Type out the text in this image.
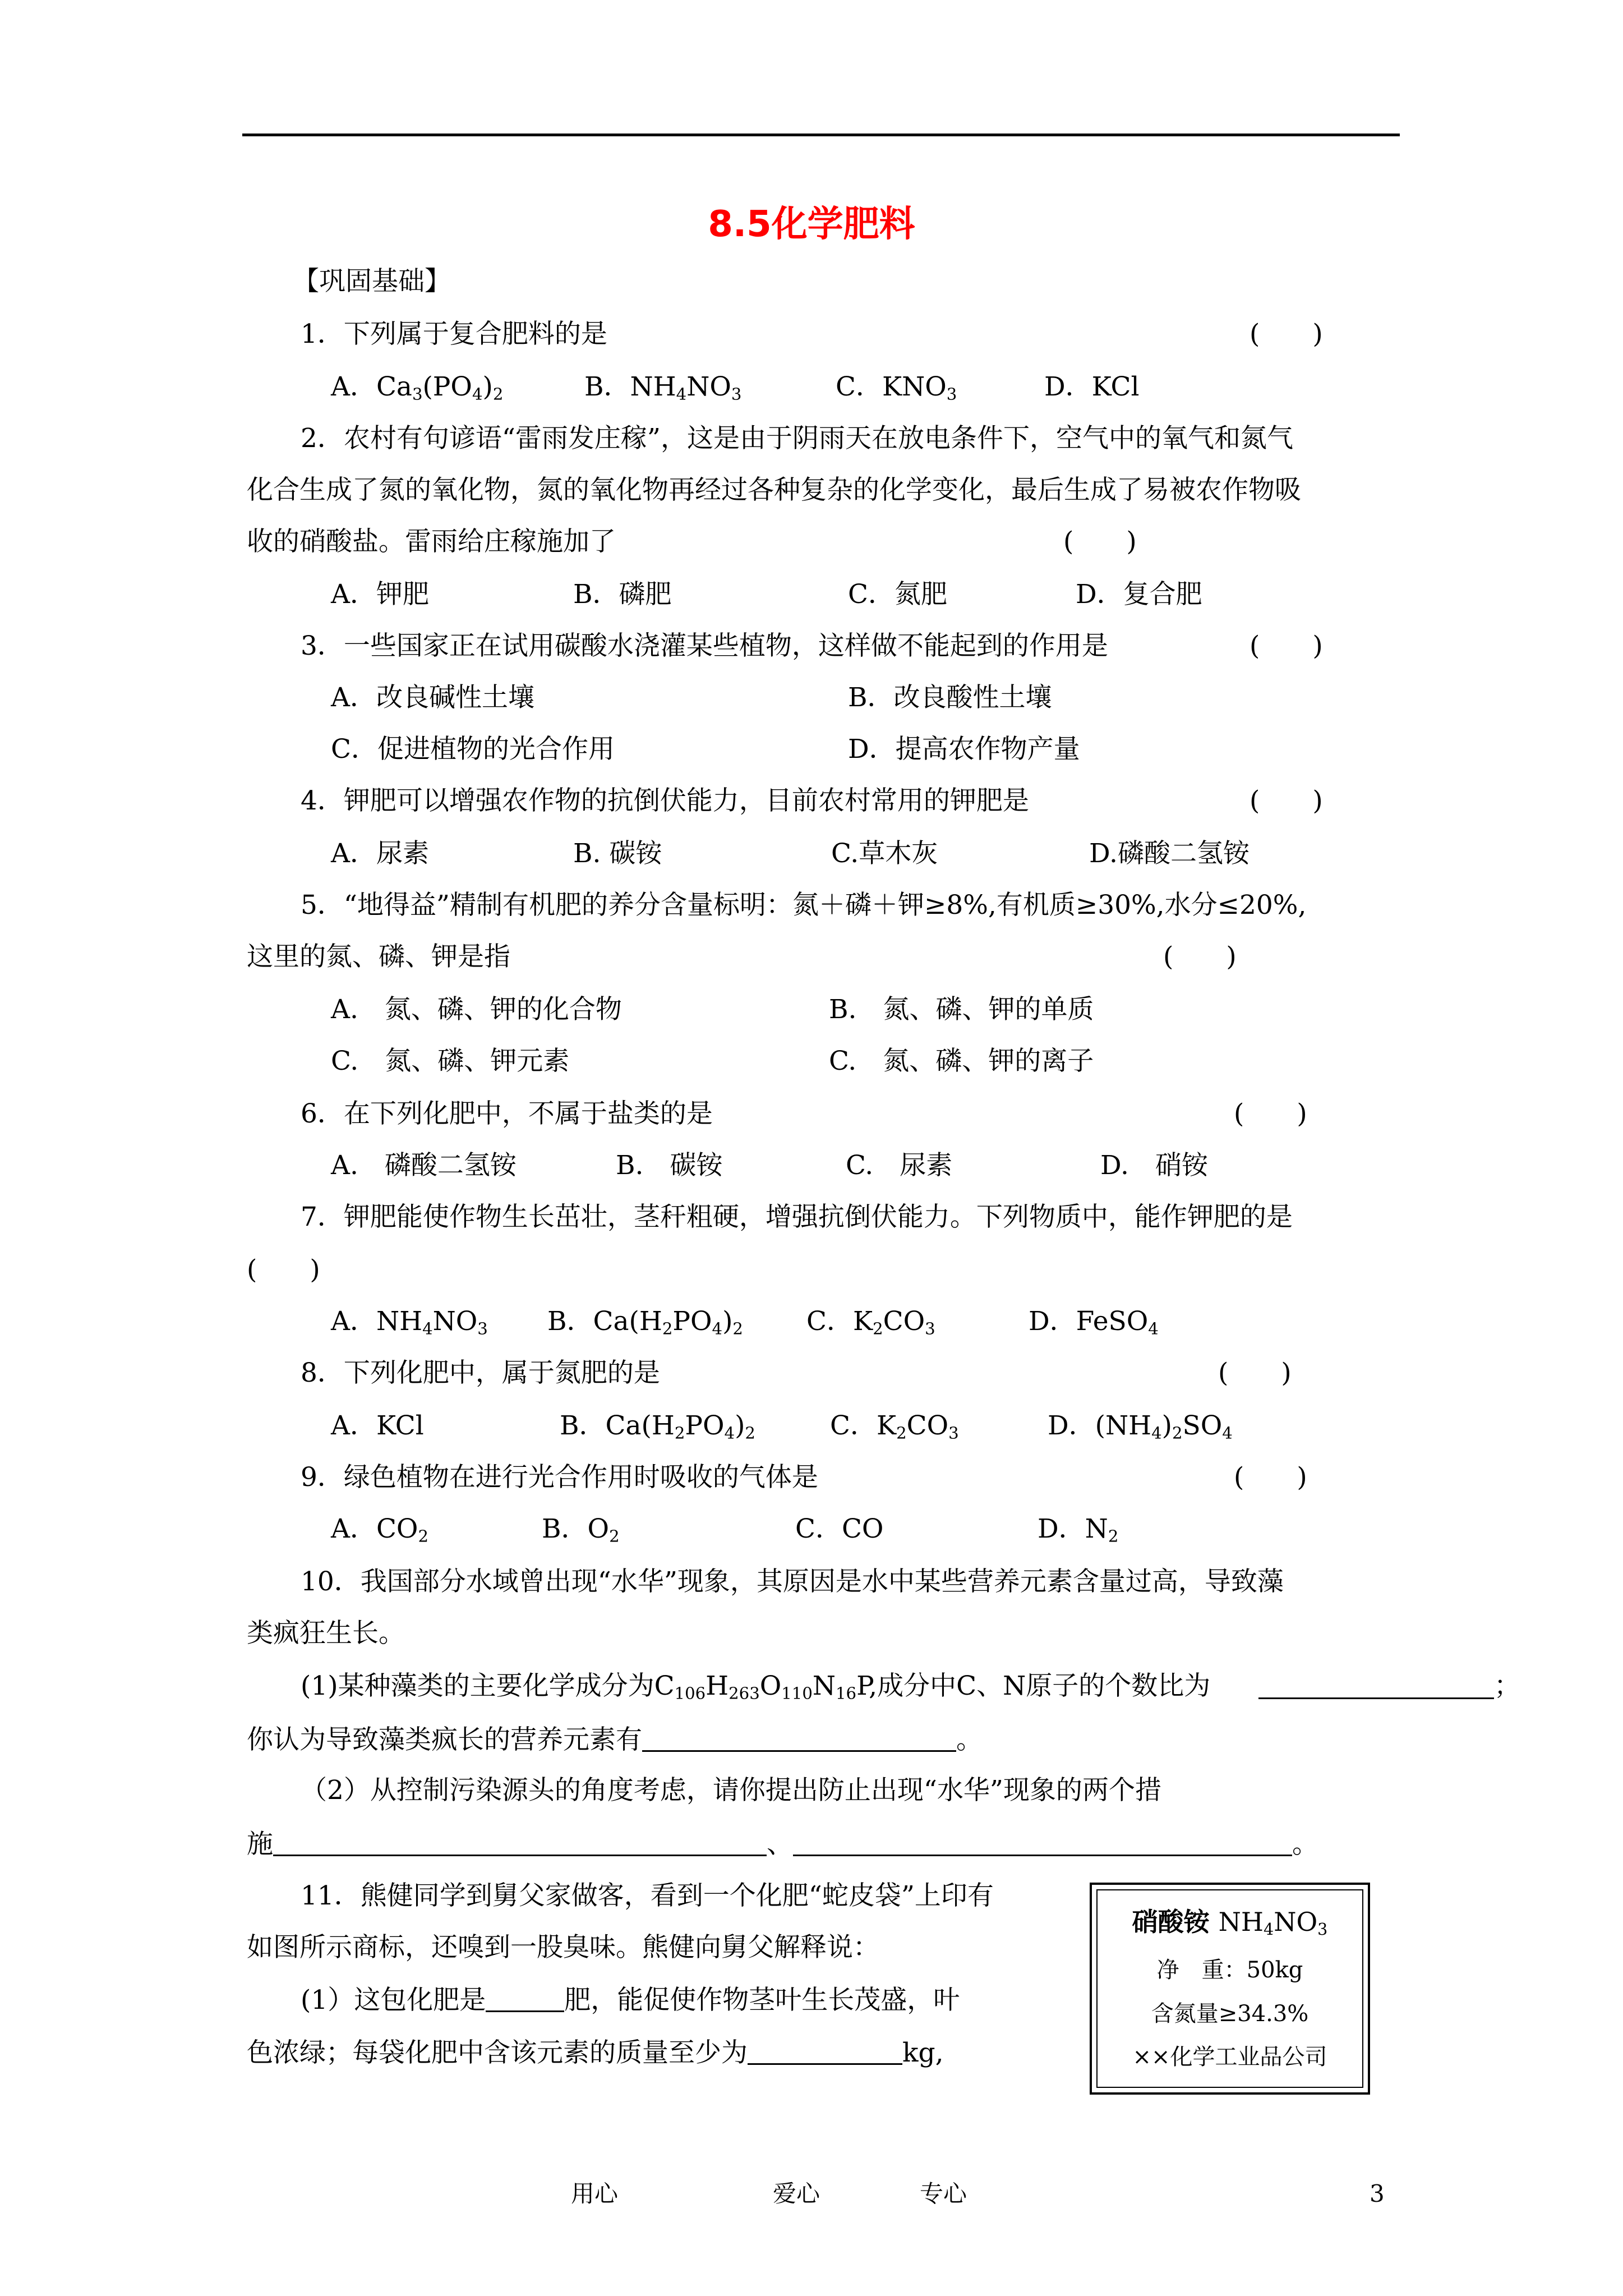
8.5化学肥料
【巩固基础】
1．下列属于复合肥料的是	(　　)
A．$Ca_3(PO_4)_2$	B．$NH_4NO_3$	C．$KNO_3$	D．KCl
2．农村有句谚语“雷雨发庄稼”，这是由于阴雨天在放电条件下，空气中的氧气和氮气
化合生成了氮的氧化物，氮的氧化物再经过各种复杂的化学变化，最后生成了易被农作物吸
收的硝酸盐。雷雨给庄稼施加了	(　　)
A．钾肥	B．磷肥	C．氮肥	D．复合肥
3．一些国家正在试用碳酸水浇灌某些植物，这样做不能起到的作用是	(　　)
A．改良碱性土壤	B．改良酸性土壤
C．促进植物的光合作用	D．提高农作物产量
4．钾肥可以增强农作物的抗倒伏能力，目前农村常用的钾肥是	(　　)
A．尿素	B. 碳铵	C.草木灰	D.磷酸二氢铵
5．“地得益”精制有机肥的养分含量标明：氮＋磷＋钾≥8%,有机质≥30%,水分≤20%,
这里的氮、磷、钾是指	(　　)
A.　氮、磷、钾的化合物	B.　氮、磷、钾的单质
C.　氮、磷、钾元素	C.　氮、磷、钾的离子
6．在下列化肥中，不属于盐类的是	(　　)
A.　磷酸二氢铵	B.　碳铵	C.　尿素	D.　硝铵
7．钾肥能使作物生长茁壮，茎秆粗硬，增强抗倒伏能力。下列物质中，能作钾肥的是
(　　)
A．$NH_4NO_3$ B．$Ca(H_2PO_4)_2$ C．$K_2CO_3$	D．FeSO$_4$
8．下列化肥中，属于氮肥的是	(　　)
A．KCl	B．$Ca(H_2PO_4)_2$	C．$K_2CO_3$	D．$(NH_4)_2SO_4$
9．绿色植物在进行光合作用时吸收的气体是	(　　)
A．$CO_2$	B．$O_2$	C．CO	D．$N_2$
10．我国部分水域曾出现“水华”现象，其原因是水中某些营养元素含量过高，导致藻
类疯狂生长。
(1)某种藻类的主要化学成分为$C_{106}H_{263}O_{110}N_{16}P$,成分中C、N原子的个数比为	；
你认为导致藻类疯长的营养元素有	。
（2）从控制污染源头的角度考虑，请你提出防止出现“水华”现象的两个措
施	、	。
11．熊健同学到舅父家做客，看到一个化肥“蛇皮袋”上印有
如图所示商标，还嗅到一股臭味。熊健向舅父解释说：
(1）这包化肥是	肥，能促使作物茎叶生长茂盛，叶
色浓绿；每袋化肥中含该元素的质量至少为	kg,
硝酸铵 $NH_4NO_3$
净　重：50kg
含氮量≥34.3%
××化学工业品公司
用心	爱心	专心	3
